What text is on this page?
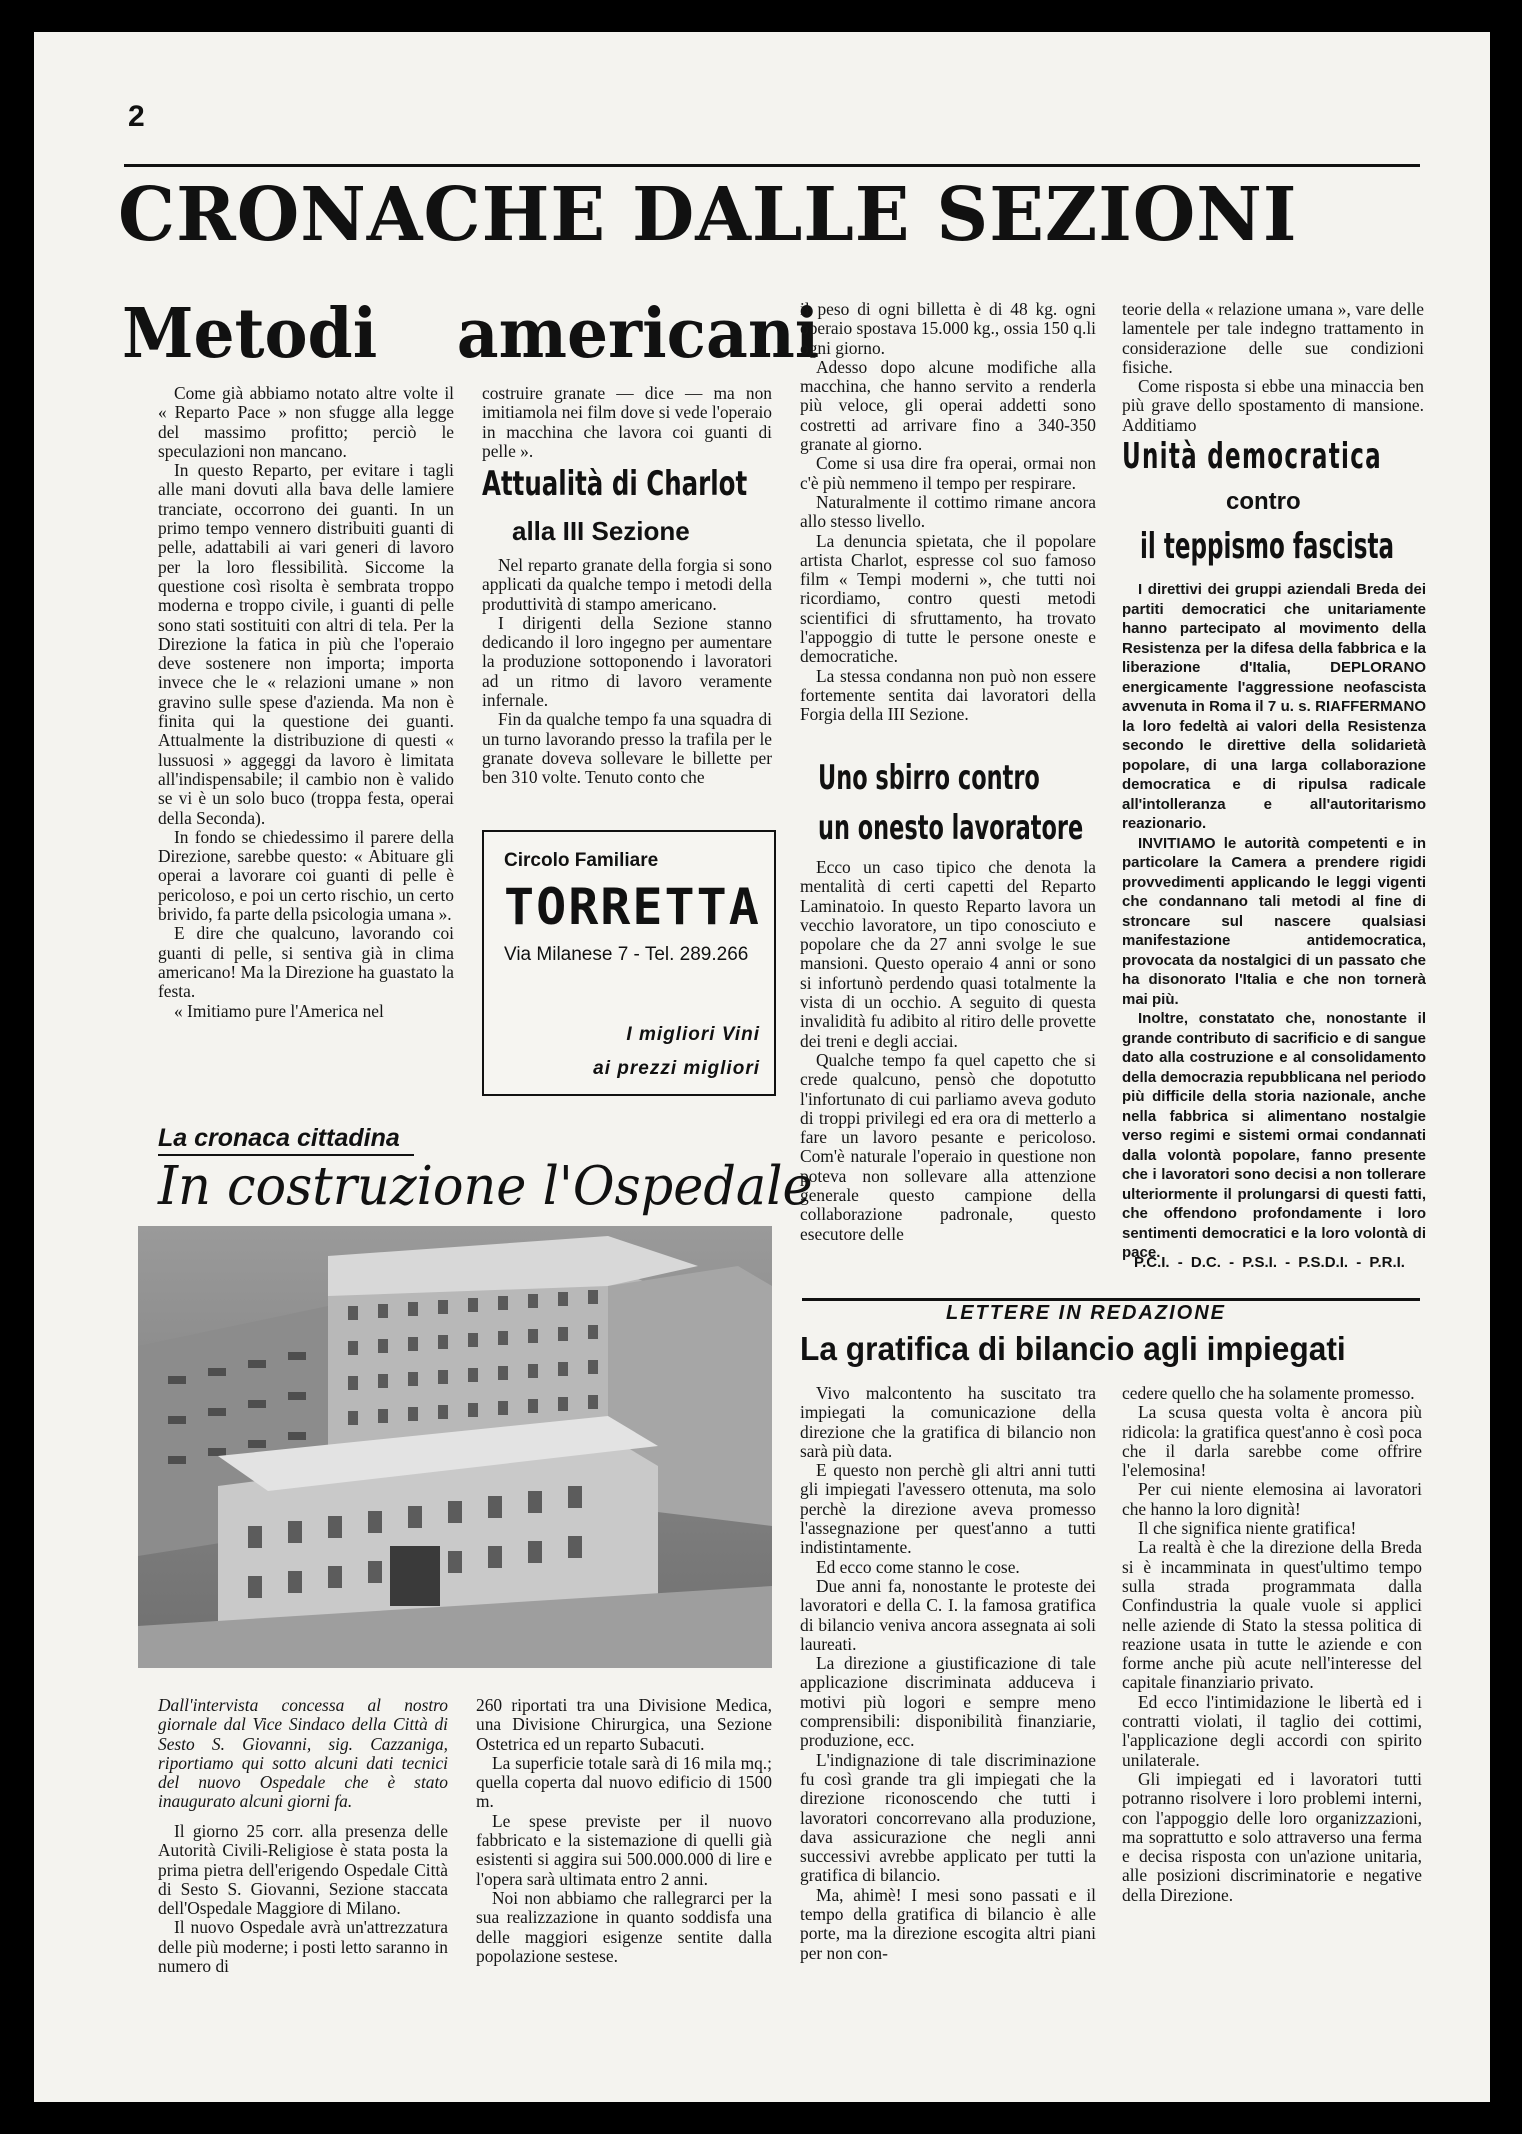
2
CRONACHE DALLE SEZIONI
Metodi americani

Come già abbiamo notato altre volte il « Reparto Pace » non sfugge alla legge del massimo profitto; perciò le speculazioni non mancano.

In questo Reparto, per evitare i tagli alle mani dovuti alla bava delle lamiere tranciate, occorrono dei guanti. In un primo tempo vennero distribuiti guanti di pelle, adattabili ai vari generi di lavoro per la loro flessibilità. Siccome la questione così risolta è sembrata troppo moderna e troppo civile, i guanti di pelle sono stati sostituiti con altri di tela. Per la Direzione la fatica in più che l'operaio deve sostenere non importa; importa invece che le « relazioni umane » non gravino sulle spese d'azienda. Ma non è finita qui la questione dei guanti. Attualmente la distribuzione di questi « lussuosi » aggeggi da lavoro è limitata all'indispensabile; il cambio non è valido se vi è un solo buco (troppa festa, operai della Seconda).

In fondo se chiedessimo il parere della Direzione, sarebbe questo: « Abituare gli operai a lavorare coi guanti di pelle è pericoloso, e poi un certo rischio, un certo brivido, fa parte della psicologia umana ».

E dire che qualcuno, lavorando coi guanti di pelle, si sentiva già in clima americano! Ma la Direzione ha guastato la festa.

« Imitiamo pure l'America nel

costruire granate — dice — ma non imitiamola nei film dove si vede l'operaio in macchina che lavora coi guanti di pelle ».

Attualità di Charlot
alla III Sezione

Nel reparto granate della forgia si sono applicati da qualche tempo i metodi della produttività di stampo americano.

I dirigenti della Sezione stanno dedicando il loro ingegno per aumentare la produzione sottoponendo i lavoratori ad un ritmo di lavoro veramente infernale.

Fin da qualche tempo fa una squadra di un turno lavorando presso la trafila per le granate doveva sollevare le billette per ben 310 volte. Tenuto conto che

Circolo Familiare
TORRETTA
Via Milanese 7 - Tel. 289.266
I migliori Vini
ai prezzi migliori

il peso di ogni billetta è di 48 kg. ogni operaio spostava 15.000 kg., ossia 150 q.li ogni giorno.

Adesso dopo alcune modifiche alla macchina, che hanno servito a renderla più veloce, gli operai addetti sono costretti ad arrivare fino a 340-350 granate al giorno.

Come si usa dire fra operai, ormai non c'è più nemmeno il tempo per respirare.

Naturalmente il cottimo rimane ancora allo stesso livello.

La denuncia spietata, che il popolare artista Charlot, espresse col suo famoso film « Tempi moderni », che tutti noi ricordiamo, contro questi metodi scientifici di sfruttamento, ha trovato l'appoggio di tutte le persone oneste e democratiche.

La stessa condanna non può non essere fortemente sentita dai lavoratori della Forgia della III Sezione.

Uno sbirro contro
un onesto lavoratore

Ecco un caso tipico che denota la mentalità di certi capetti del Reparto Laminatoio. In questo Reparto lavora un vecchio lavoratore, un tipo conosciuto e popolare che da 27 anni svolge le sue mansioni. Questo operaio 4 anni or sono si infortunò perdendo quasi totalmente la vista di un occhio. A seguito di questa invalidità fu adibito al ritiro delle provette dei treni e degli acciai.

Qualche tempo fa quel capetto che si crede qualcuno, pensò che dopotutto l'infortunato di cui parliamo aveva goduto di troppi privilegi ed era ora di metterlo a fare un lavoro pesante e pericoloso. Com'è naturale l'operaio in questione non poteva non sollevare alla attenzione generale questo campione della collaborazione padronale, questo esecutore delle

teorie della « relazione umana », vare delle lamentele per tale indegno trattamento in considerazione delle sue condizioni fisiche.

Come risposta si ebbe una minaccia ben più grave dello spostamento di mansione. Additiamo

Unità democratica
contro
il teppismo fascista

I direttivi dei gruppi aziendali Breda dei partiti democratici che unitariamente hanno partecipato al movimento della Resistenza per la difesa della fabbrica e la liberazione d'Italia, DEPLORANO energicamente l'aggressione neofascista avvenuta in Roma il 7 u. s. RIAFFERMANO la loro fedeltà ai valori della Resistenza secondo le direttive della solidarietà popolare, di una larga collaborazione democratica e di ripulsa radicale all'intolleranza e all'autoritarismo reazionario.

INVITIAMO le autorità competenti e in particolare la Camera a prendere rigidi provvedimenti applicando le leggi vigenti che condannano tali metodi al fine di stroncare sul nascere qualsiasi manifestazione antidemocratica, provocata da nostalgici di un passato che ha disonorato l'Italia e che non tornerà mai più.

Inoltre, constatato che, nonostante il grande contributo di sacrificio e di sangue dato alla costruzione e al consolidamento della democrazia repubblicana nel periodo più difficile della storia nazionale, anche nella fabbrica si alimentano nostalgie verso regimi e sistemi ormai condannati dalla volontà popolare, fanno presente che i lavoratori sono decisi a non tollerare ulteriormente il prolungarsi di questi fatti, che offendono profondamente i loro sentimenti democratici e la loro volontà di pace.

P.C.I. - D.C. - P.S.I. - P.S.D.I. - P.R.I.
La cronaca cittadina
In costruzione l'Ospedale

Dall'intervista concessa al nostro giornale dal Vice Sindaco della Città di Sesto S. Giovanni, sig. Cazzaniga, riportiamo qui sotto alcuni dati tecnici del nuovo Ospedale che è stato inaugurato alcuni giorni fa.

Il giorno 25 corr. alla presenza delle Autorità Civili-Religiose è stata posta la prima pietra dell'erigendo Ospedale Città di Sesto S. Giovanni, Sezione staccata dell'Ospedale Maggiore di Milano.

Il nuovo Ospedale avrà un'attrezzatura delle più moderne; i posti letto saranno in numero di

260 riportati tra una Divisione Medica, una Divisione Chirurgica, una Sezione Ostetrica ed un reparto Subacuti.

La superficie totale sarà di 16 mila mq.; quella coperta dal nuovo edificio di 1500 m.

Le spese previste per il nuovo fabbricato e la sistemazione di quelli già esistenti si aggira sui 500.000.000 di lire e l'opera sarà ultimata entro 2 anni.

Noi non abbiamo che rallegrarci per la sua realizzazione in quanto soddisfa una delle maggiori esigenze sentite dalla popolazione sestese.

LETTERE IN REDAZIONE
La gratifica di bilancio agli impiegati

Vivo malcontento ha suscitato tra impiegati la comunicazione della direzione che la gratifica di bilancio non sarà più data.

E questo non perchè gli altri anni tutti gli impiegati l'avessero ottenuta, ma solo perchè la direzione aveva promesso l'assegnazione per quest'anno a tutti indistintamente.

Ed ecco come stanno le cose.

Due anni fa, nonostante le proteste dei lavoratori e della C. I. la famosa gratifica di bilancio veniva ancora assegnata ai soli laureati.

La direzione a giustificazione di tale applicazione discriminata adduceva i motivi più logori e sempre meno comprensibili: disponibilità finanziarie, produzione, ecc.

L'indignazione di tale discriminazione fu così grande tra gli impiegati che la direzione riconoscendo che tutti i lavoratori concorrevano alla produzione, dava assicurazione che negli anni successivi avrebbe applicato per tutti la gratifica di bilancio.

Ma, ahimè! I mesi sono passati e il tempo della gratifica di bilancio è alle porte, ma la direzione escogita altri piani per non con-

cedere quello che ha solamente promesso.

La scusa questa volta è ancora più ridicola: la gratifica quest'anno è così poca che il darla sarebbe come offrire l'elemosina!

Per cui niente elemosina ai lavoratori che hanno la loro dignità!

Il che significa niente gratifica!

La realtà è che la direzione della Breda si è incamminata in quest'ultimo tempo sulla strada programmata dalla Confindustria la quale vuole si applici nelle aziende di Stato la stessa politica di reazione usata in tutte le aziende e con forme anche più acute nell'interesse del capitale finanziario privato.

Ed ecco l'intimidazione le libertà ed i contratti violati, il taglio dei cottimi, l'applicazione degli accordi con spirito unilaterale.

Gli impiegati ed i lavoratori tutti potranno risolvere i loro problemi interni, con l'appoggio delle loro organizzazioni, ma soprattutto e solo attraverso una ferma e decisa risposta con un'azione unitaria, alle posizioni discriminatorie e negative della Direzione.
